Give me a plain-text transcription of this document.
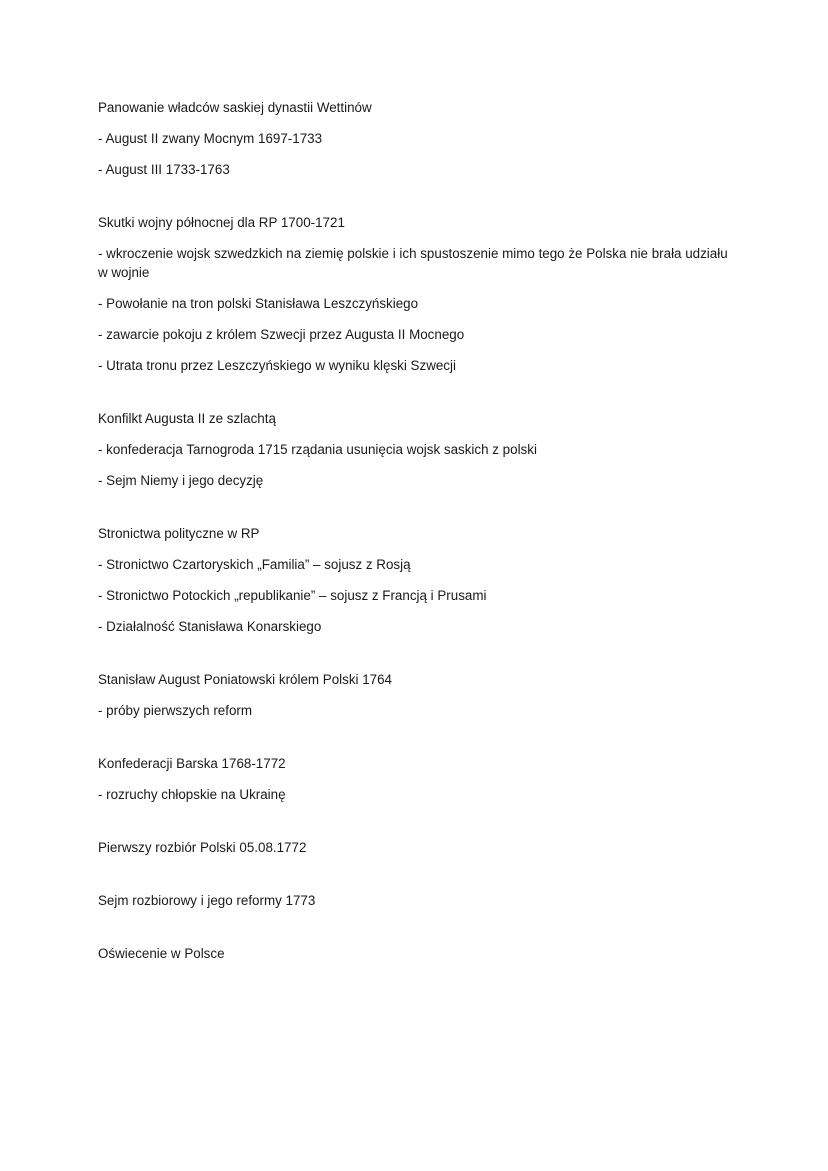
Panowanie władców saskiej dynastii Wettinów

- August II zwany Mocnym 1697-1733

- August III 1733-1763

Skutki wojny północnej dla RP 1700-1721

- wkroczenie wojsk szwedzkich na ziemię polskie i ich spustoszenie mimo tego że Polska nie brała udziału w wojnie

- Powołanie na tron polski Stanisława Leszczyńskiego

- zawarcie pokoju z królem Szwecji przez Augusta II Mocnego

- Utrata tronu przez Leszczyńskiego w wyniku klęski Szwecji

Konfilkt Augusta II ze szlachtą

- konfederacja Tarnogroda 1715 rządania usunięcia wojsk saskich z polski

- Sejm Niemy i jego decyzję

Stronictwa polityczne w RP

- Stronictwo Czartoryskich „Familia” – sojusz z Rosją

- Stronictwo Potockich „republikanie” – sojusz z Francją i Prusami

- Działalność Stanisława Konarskiego

Stanisław August Poniatowski królem Polski 1764

- próby pierwszych reform

Konfederacji Barska 1768-1772

- rozruchy chłopskie na Ukrainę

Pierwszy rozbiór Polski 05.08.1772

Sejm rozbiorowy i jego reformy 1773

Oświecenie w Polsce
